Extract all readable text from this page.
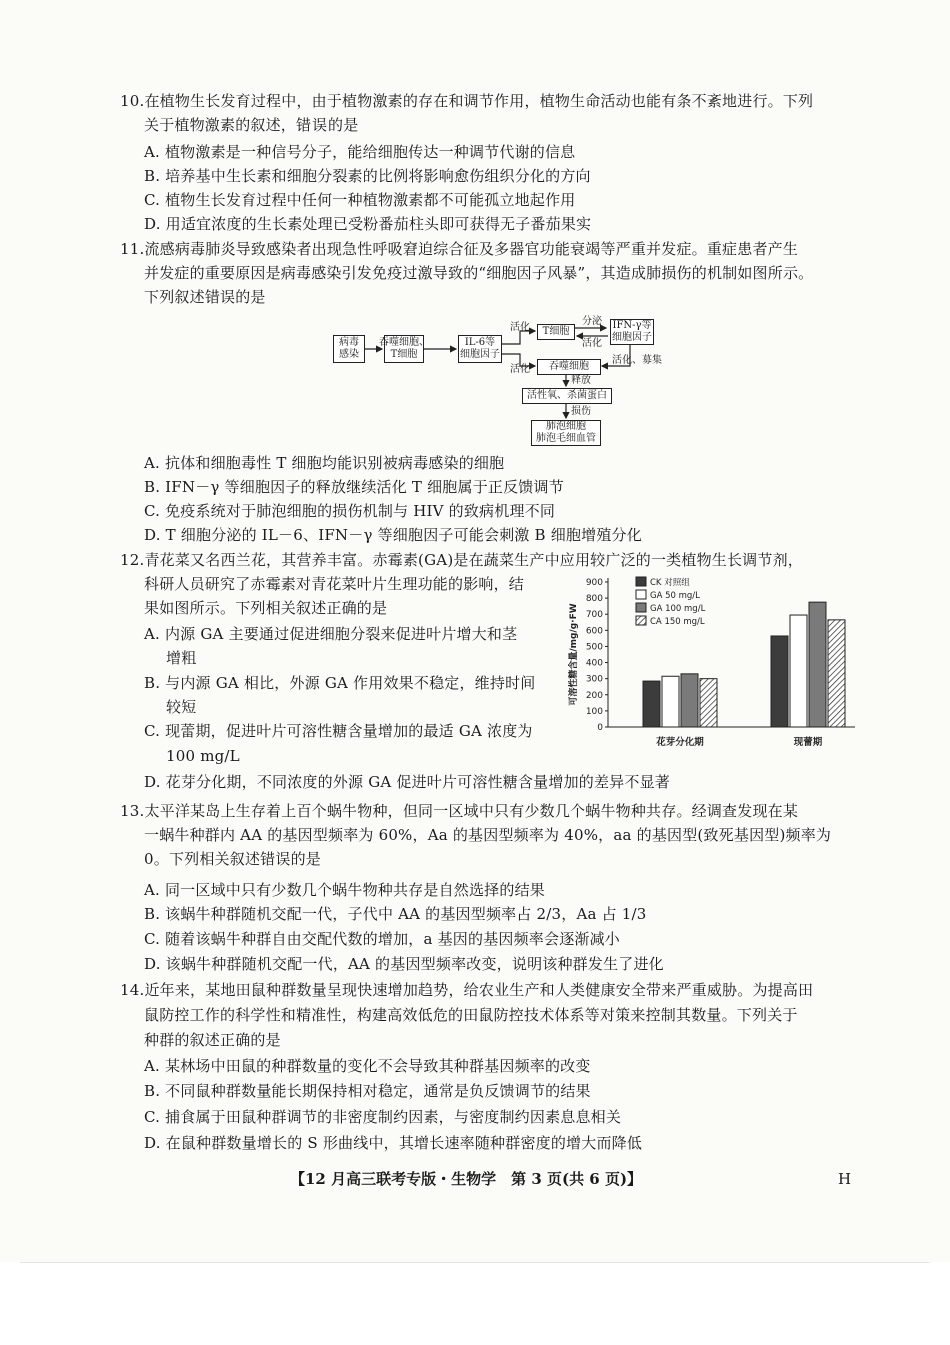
10.在植物生长发育过程中，由于植物激素的存在和调节作用，植物生命活动也能有条不紊地进行。下列
关于植物激素的叙述，错误的是
A. 植物激素是一种信号分子，能给细胞传达一种调节代谢的信息
B. 培养基中生长素和细胞分裂素的比例将影响愈伤组织分化的方向
C. 植物生长发育过程中任何一种植物激素都不可能孤立地起作用
D. 用适宜浓度的生长素处理已受粉番茄柱头即可获得无子番茄果实
11.流感病毒肺炎导致感染者出现急性呼吸窘迫综合征及多器官功能衰竭等严重并发症。重症患者产生
并发症的重要原因是病毒感染引发免疫过激导致的“细胞因子风暴”，其造成肺损伤的机制如图所示。
下列叙述错误的是
病毒
感染
吞噬细胞、
T细胞
IL-6等
细胞因子
T细胞
IFN-γ等
细胞因子
吞噬细胞
活性氧、杀菌蛋白
肺泡细胞
肺泡毛细血管
活化
分泌
活化
活化、募集
活化
释放
损伤
A. 抗体和细胞毒性 T 细胞均能识别被病毒感染的细胞
B. IFN－γ 等细胞因子的释放继续活化 T 细胞属于正反馈调节
C. 免疫系统对于肺泡细胞的损伤机制与 HIV 的致病机理不同
D. T 细胞分泌的 IL－6、IFN－γ 等细胞因子可能会刺激 B 细胞增殖分化
12.青花菜又名西兰花，其营养丰富。赤霉素(GA)是在蔬菜生产中应用较广泛的一类植物生长调节剂，
科研人员研究了赤霉素对青花菜叶片生理功能的影响，结
果如图所示。下列相关叙述正确的是
A. 内源 GA 主要通过促进细胞分裂来促进叶片增大和茎
增粗
B. 与内源 GA 相比，外源 GA 作用效果不稳定，维持时间
较短
C. 现蕾期，促进叶片可溶性糖含量增加的最适 GA 浓度为
100 mg/L
D. 花芽分化期，不同浓度的外源 GA 促进叶片可溶性糖含量增加的差异不显著
0
100
200
300
400
500
600
700
800
900
可溶性糖含量/mg/g·FW
花芽分化期	现蕾期
CK 对照组
GA 50 mg/L
GA 100 mg/L
CA 150 mg/L
13.太平洋某岛上生存着上百个蜗牛物种，但同一区域中只有少数几个蜗牛物种共存。经调查发现在某
一蜗牛种群内 AA 的基因型频率为 60%，Aa 的基因型频率为 40%，aa 的基因型(致死基因型)频率为
0。下列相关叙述错误的是
A. 同一区域中只有少数几个蜗牛物种共存是自然选择的结果
B. 该蜗牛种群随机交配一代，子代中 AA 的基因型频率占 2/3，Aa 占 1/3
C. 随着该蜗牛种群自由交配代数的增加，a 基因的基因频率会逐渐减小
D. 该蜗牛种群随机交配一代，AA 的基因型频率改变，说明该种群发生了进化
14.近年来，某地田鼠种群数量呈现快速增加趋势，给农业生产和人类健康安全带来严重威胁。为提高田
鼠防控工作的科学性和精准性，构建高效低危的田鼠防控技术体系等对策来控制其数量。下列关于
种群的叙述正确的是
A. 某林场中田鼠的种群数量的变化不会导致其种群基因频率的改变
B. 不同鼠种群数量能长期保持相对稳定，通常是负反馈调节的结果
C. 捕食属于田鼠种群调节的非密度制约因素，与密度制约因素息息相关
D. 在鼠种群数量增长的 S 形曲线中，其增长速率随种群密度的增大而降低
【12 月高三联考专版・生物学　第 3 页(共 6 页)】	H
